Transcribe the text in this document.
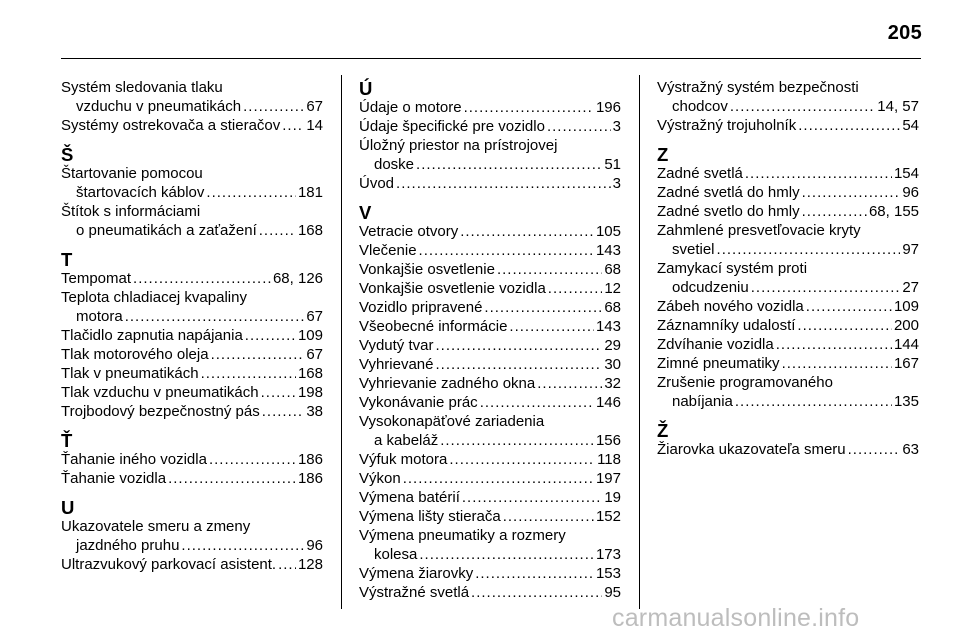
205
Systém sledovania tlaku
vzduchu v pneumatikách .....	67
Systémy ostrekovača a stieračov ..... 14
Š
Štartovanie pomocou
štartovacích káblov .....	181
Štítok s informáciami
o pneumatikách a zaťažení .....	168
T
Tempomat .....	68, 126
Teplota chladiacej kvapaliny
motora .....	67
Tlačidlo zapnutia napájania .....	109
Tlak motorového oleja .....	67
Tlak v pneumatikách .....	168
Tlak vzduchu v pneumatikách .....	198
Trojbodový bezpečnostný pás .....	38
Ť
Ťahanie iného vozidla .....	186
Ťahanie vozidla .....	186
U
Ukazovatele smeru a zmeny
jazdného pruhu .....	96
Ultrazvukový parkovací asistent. ..... 128
Ú
Údaje o motore .....	196
Údaje špecifické pre vozidlo .....	3
Úložný priestor na prístrojovej
doske .....	51
Úvod .....	3
V
Vetracie otvory .....	105
Vlečenie .....	143
Vonkajšie osvetlenie .....	68
Vonkajšie osvetlenie vozidla .....	12
Vozidlo pripravené .....	68
Všeobecné informácie .....	143
Vydutý tvar .....	29
Vyhrievané .....	30
Vyhrievanie zadného okna .....	32
Vykonávanie prác .....	146
Vysokonapäťové zariadenia
a kabeláž .....	156
Výfuk motora .....	118
Výkon .....	197
Výmena batérií .....	19
Výmena lišty stierača .....	152
Výmena pneumatiky a rozmery
kolesa .....	173
Výmena žiarovky .....	153
Výstražné svetlá .....	95
Výstražný systém bezpečnosti
chodcov .....	14, 57
Výstražný trojuholník .....	54
Z
Zadné svetlá .....	154
Zadné svetlá do hmly .....	96
Zadné svetlo do hmly .....	68, 155
Zahmlené presvetľovacie kryty
svetiel .....	97
Zamykací systém proti
odcudzeniu .....	27
Zábeh nového vozidla .....	109
Záznamníky udalostí .....	200
Zdvíhanie vozidla .....	144
Zimné pneumatiky .....	167
Zrušenie programovaného
nabíjania .....	135
Ž
Žiarovka ukazovateľa smeru .....	63
carmanualsonline.info
